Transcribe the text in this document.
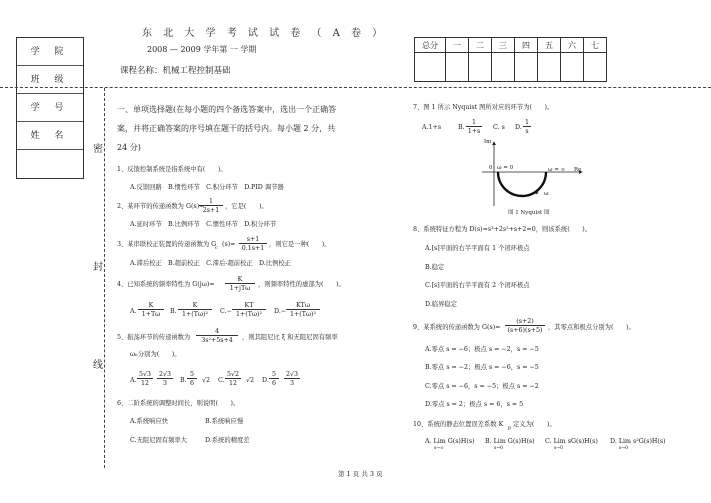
东 北 大 学 考 试 试 卷 （ A 卷 ）
2008 — 2009 学年第 一 学期
课程名称：机械工程控制基础
学 院
班 级
学 号
姓 名
总分	一	二	三	四	五	六	七

密
封
线
一、单项选择题(在每小题的四个备选答案中，选出一个正确答
案，并将正确答案的序号填在题干的括号内。每小题 2 分，共
24 分)
1、反馈控制系统是指系统中有(　　)。
A.反馈回路　B.惯性环节　C.积分环节　D.PID 调节器
2、某环节的传递函数为 G(s)=
1
2s+1
，它是(　　)。
A.延时环节　B.比例环节　C.惯性环节　D.积分环节
3、某串联校正装置的传递函数为 G
c (s)=
s+1
0.1s+1
，则它是一种(　　)。
A.滞后校正　B.超前校正　C.滞后-超前校正　D.比例校正
4、已知系统的频率特性为 G(jω)=
K
1+jTω
，则频率特性的虚部为(　　)。
A.
K
1+Tω	B.
K
1+(Tω)²	C.−
KT
1+(Tω)²	D.−
KTω
1+(Tω)²
5、振荡环节的传递函数为
4
3s²+5s+4	，则其阻尼比 ξ 和无阻尼固有频率
ωₙ分别为(　　)。
A.
5√3
12
2√3
3	B.
5
6	√2 C.
5√2
12	√2 D.
5
6
2√3
3
6、二阶系统的调整时间长，则说明(　　)。
A.系统响应快	B.系统响应慢
C.无阻尼固有频率大	D.系统的精度差
7、图 1 所示 Nyquist 图所对应的环节为(　　)。
A.1+s	B.
1
1+s
C. s D.
1
s
Im
Re
0 ω = 0	ω = ∞
ω
图 1 Nyquist 图
8、系统特征方程为 D(s)=s³+2s²+s+2=0，则该系统(　　)。
A.[s]平面的右半平面有 1 个闭环极点
B.稳定
C.[s]平面的右半平面有 2 个闭环极点
D.临界稳定
9、某系统的传递函数为 G(s)=
(s+2)
(s+6)(s+5) ，其零点和极点分别为(　　)。
A.零点 s = −6；极点 s = −2，s = −5
B.零点 s = −2；极点 s = −6，s = −5
C.零点 s = −6，s = −5；极点 s = −2
D.零点 s = 2；极点 s = 6，s = 5
10、系统的静态位置误差系数 K p 定义为(　　)。
A. Lim G(s)H(s)
s→∞
B. Lim G(s)H(s)
s→0
C. Lim sG(s)H(s)
s→0
D. Lim s²G(s)H(s)
s→0
第 1 页 共 3 页
